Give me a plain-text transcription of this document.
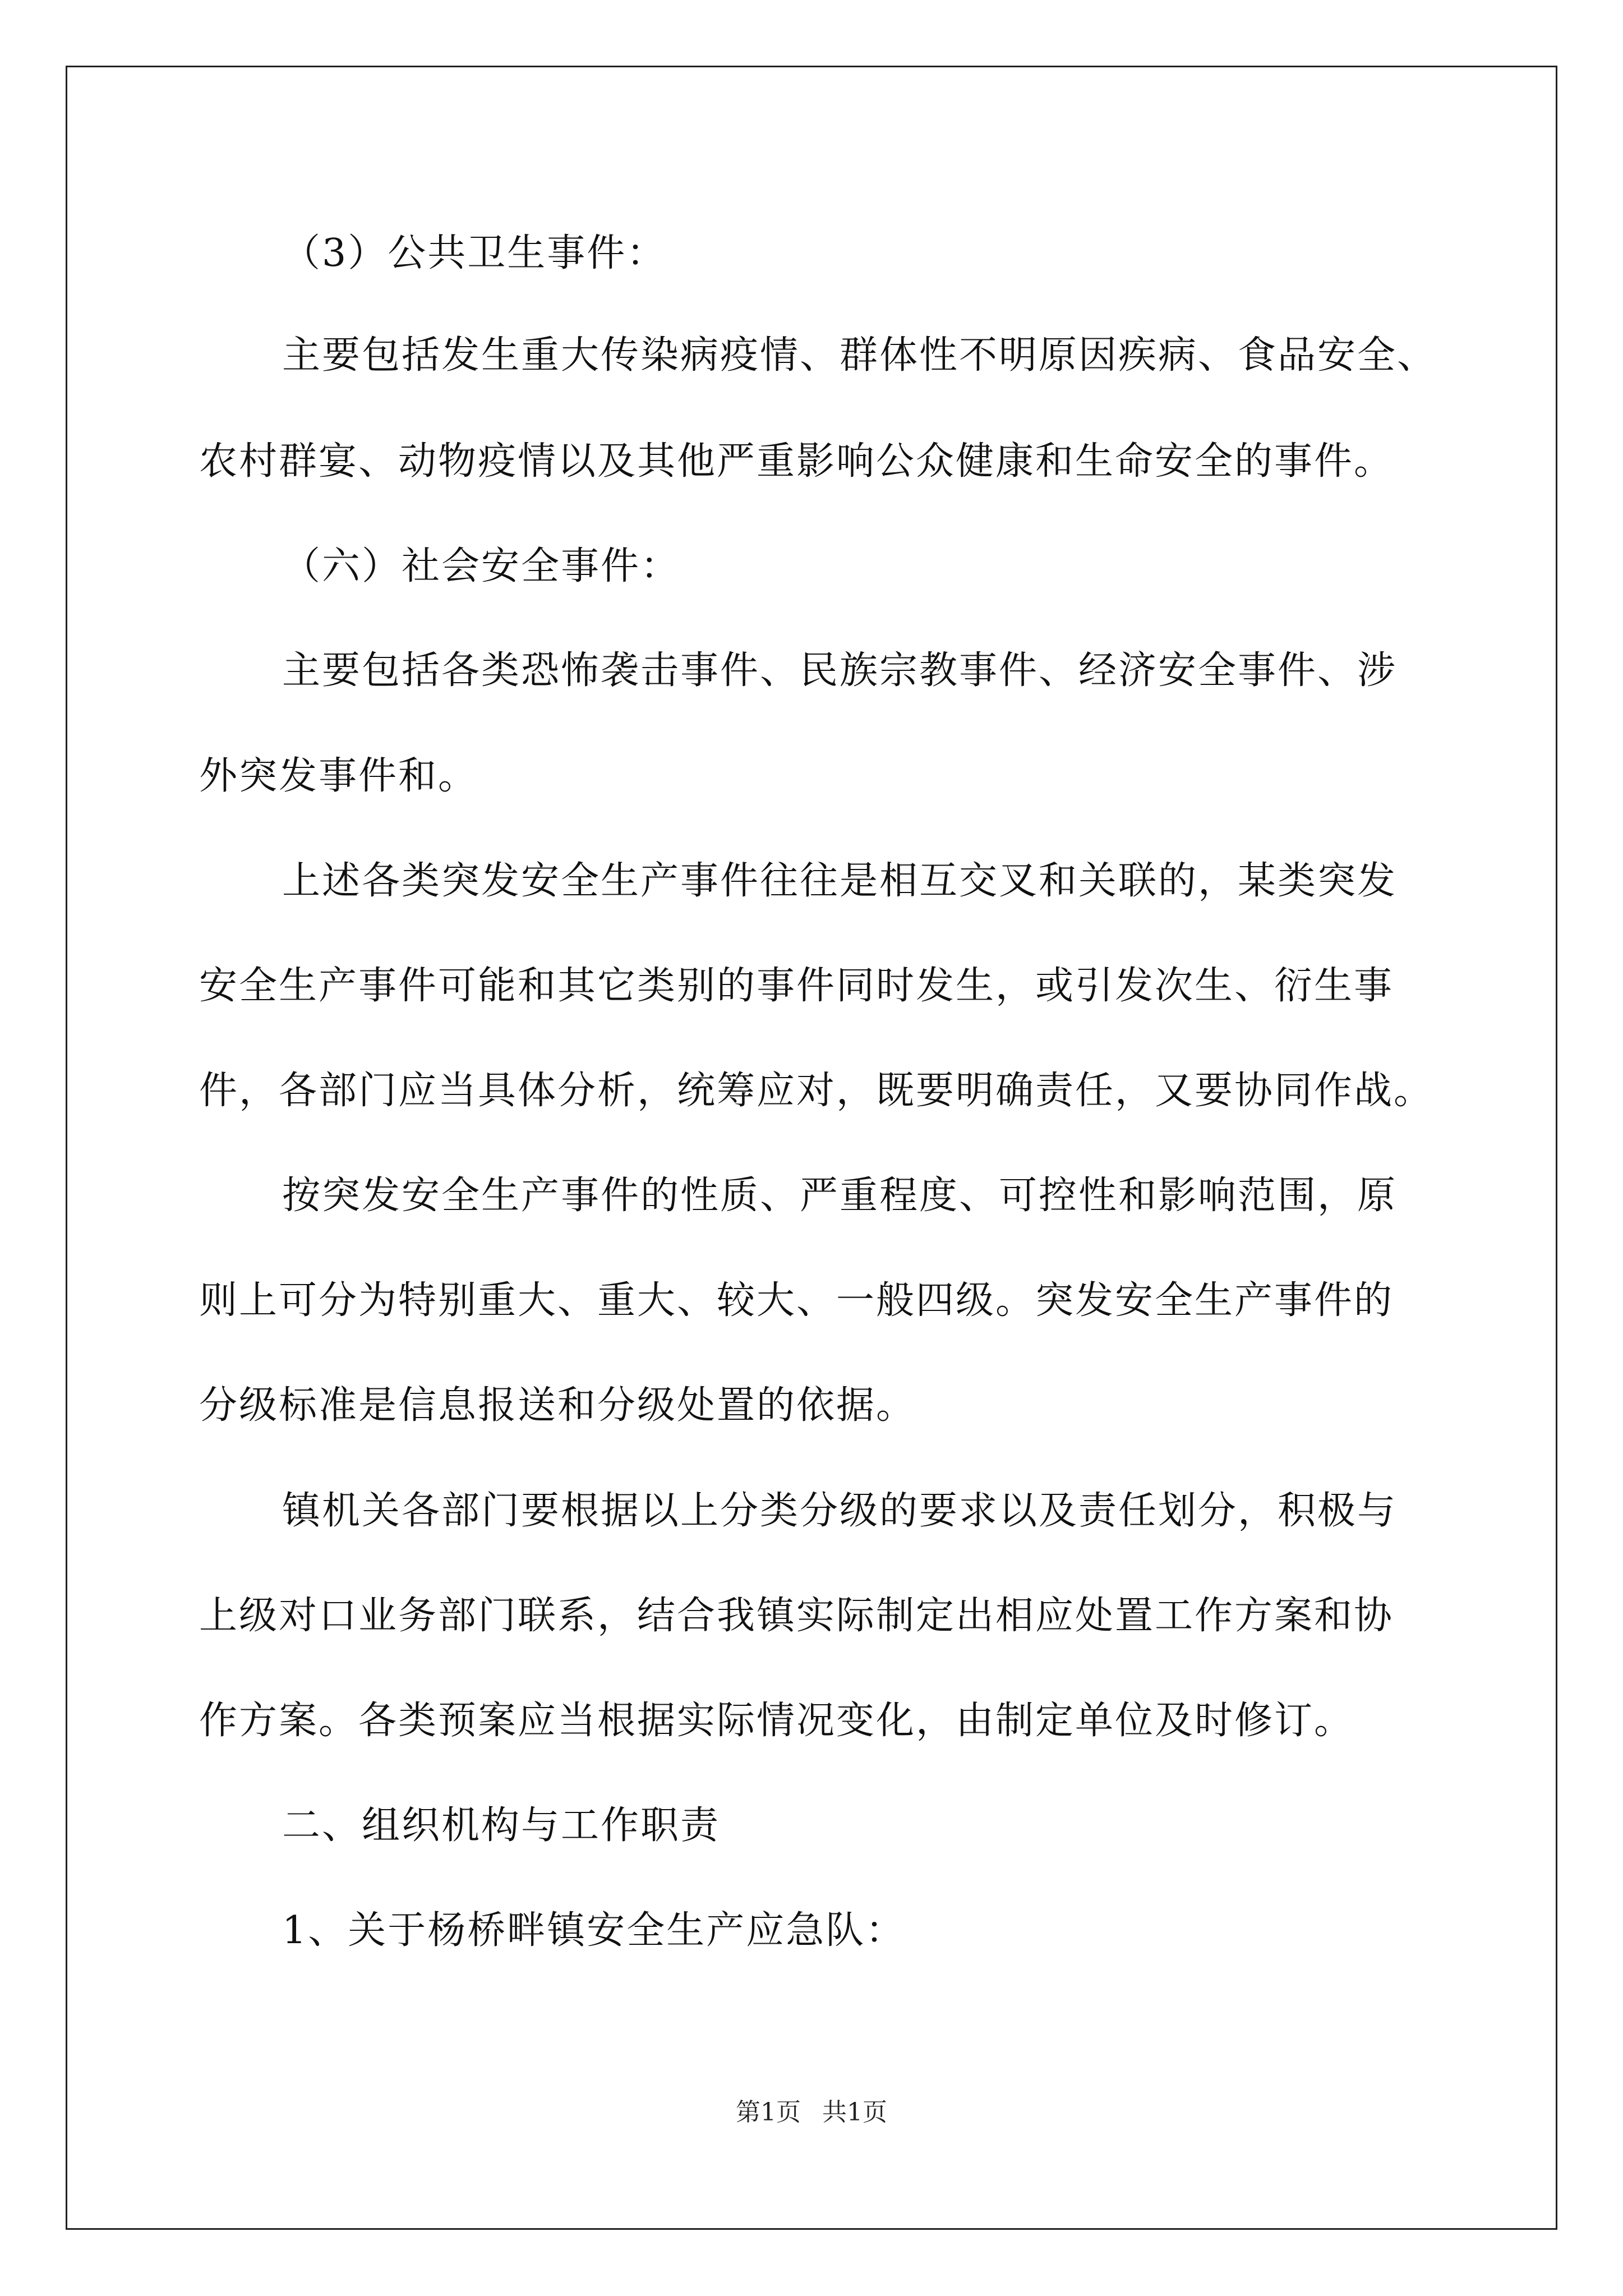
（3）公共卫生事件：
主要包括发生重大传染病疫情、群体性不明原因疾病、食品安全、
农村群宴、动物疫情以及其他严重影响公众健康和生命安全的事件。
（六）社会安全事件：
主要包括各类恐怖袭击事件、民族宗教事件、经济安全事件、涉
外突发事件和。
上述各类突发安全生产事件往往是相互交叉和关联的，某类突发
安全生产事件可能和其它类别的事件同时发生，或引发次生、衍生事
件，各部门应当具体分析，统筹应对，既要明确责任，又要协同作战。
按突发安全生产事件的性质、严重程度、可控性和影响范围，原
则上可分为特别重大、重大、较大、一般四级。突发安全生产事件的
分级标准是信息报送和分级处置的依据。
镇机关各部门要根据以上分类分级的要求以及责任划分，积极与
上级对口业务部门联系，结合我镇实际制定出相应处置工作方案和协
作方案。各类预案应当根据实际情况变化，由制定单位及时修订。
二、组织机构与工作职责
1、关于杨桥畔镇安全生产应急队：
第1页 共1页
